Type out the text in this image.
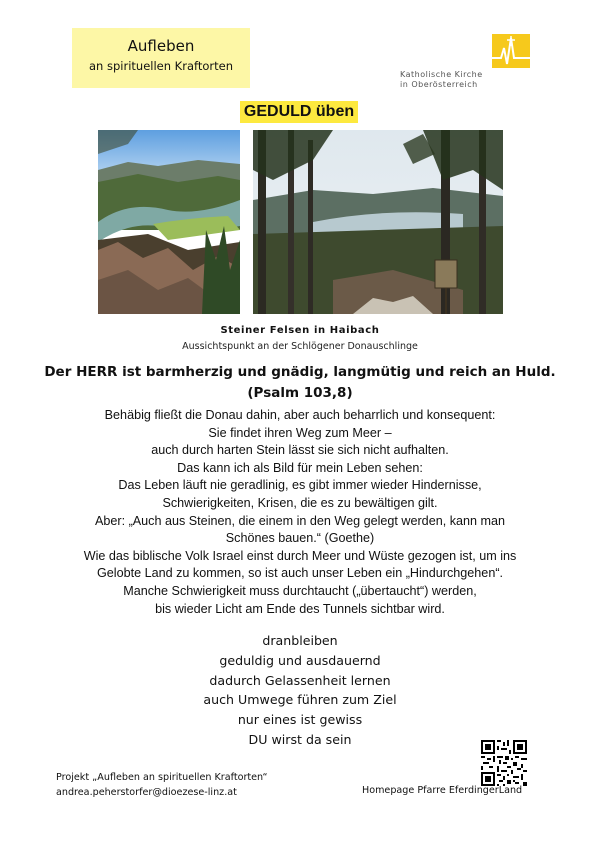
Aufleben
an spirituellen Kraftorten
Katholische Kirche
in Oberösterreich
GEDULD üben
Steiner Felsen in Haibach
Aussichtspunkt an der Schlögener Donauschlinge
Der HERR ist barmherzig und gnädig, langmütig und reich an Huld.
(Psalm 103,8)
Behäbig fließt die Donau dahin, aber auch beharrlich und konsequent:
Sie findet ihren Weg zum Meer –
auch durch harten Stein lässt sie sich nicht aufhalten.
Das kann ich als Bild für mein Leben sehen:
Das Leben läuft nie geradlinig, es gibt immer wieder Hindernisse,
Schwierigkeiten, Krisen, die es zu bewältigen gilt.
Aber: „Auch aus Steinen, die einem in den Weg gelegt werden, kann man
Schönes bauen.“ (Goethe)
Wie das biblische Volk Israel einst durch Meer und Wüste gezogen ist, um ins
Gelobte Land zu kommen, so ist auch unser Leben ein „Hindurchgehen“.
Manche Schwierigkeit muss durchtaucht („übertaucht“) werden,
bis wieder Licht am Ende des Tunnels sichtbar wird.
dranbleiben
geduldig und ausdauernd
dadurch Gelassenheit lernen
auch Umwege führen zum Ziel
nur eines ist gewiss
DU wirst da sein
Projekt „Aufleben an spirituellen Kraftorten“
andrea.peherstorfer@dioezese-linz.at	Homepage Pfarre EferdingerLand
